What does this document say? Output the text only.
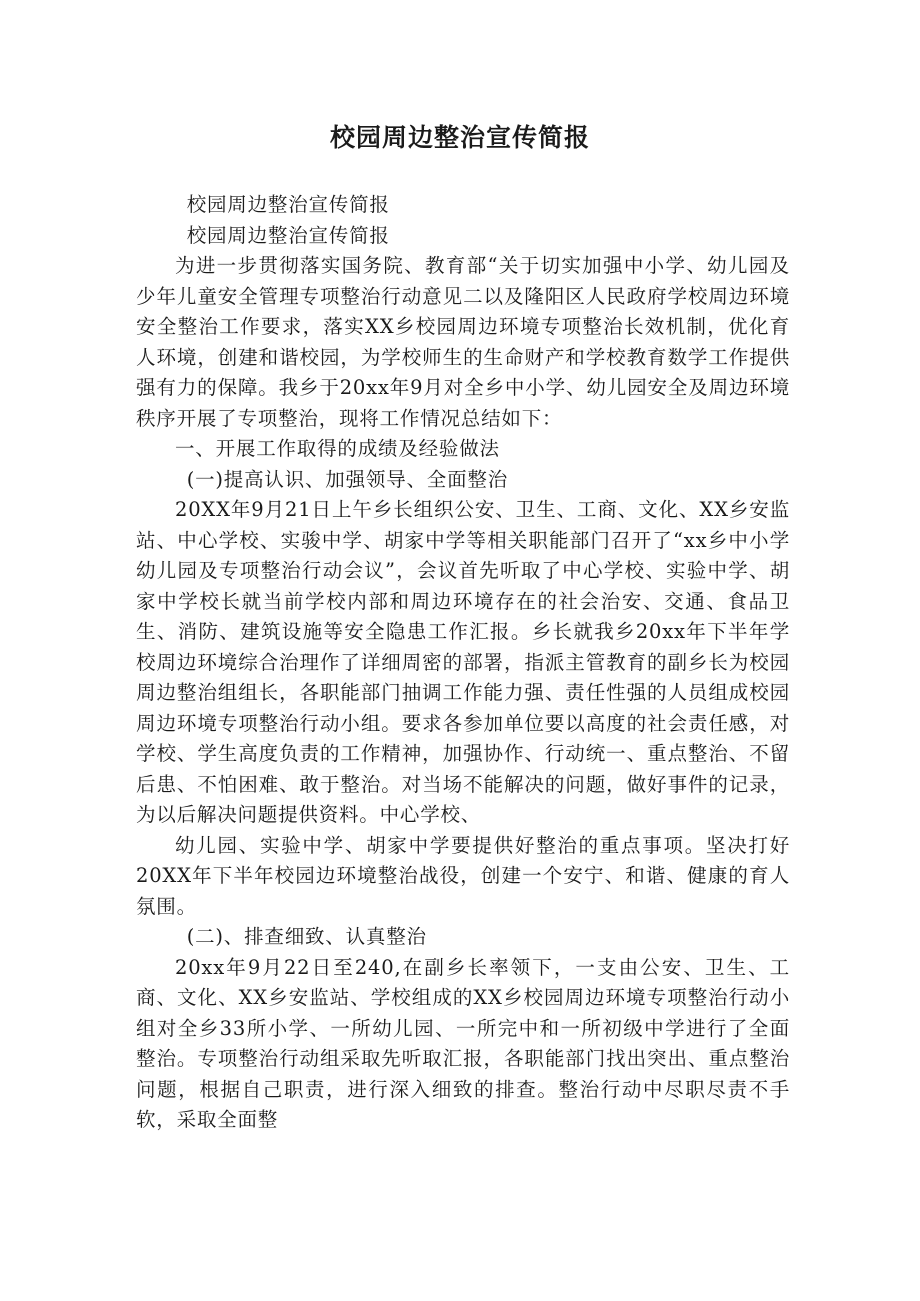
校园周边整治宣传简报

校园周边整治宣传简报

校园周边整治宣传简报

为进一步贯彻落实国务院、教育部“关于切实加强中小学、幼儿园及少年儿童安全管理专项整治行动意见二以及隆阳区人民政府学校周边环境安全整治工作要求，落实XX乡校园周边环境专项整治长效机制，优化育人环境，创建和谐校园，为学校师生的生命财产和学校教育数学工作提供强有力的保障。我乡于20xx年9月对全乡中小学、幼儿园安全及周边环境秩序开展了专项整治，现将工作情况总结如下：

一、开展工作取得的成绩及经验做法

(一)提高认识、加强领导、全面整治

20XX年9月21日上午乡长组织公安、卫生、工商、文化、XX乡安监站、中心学校、实骏中学、胡家中学等相关职能部门召开了“xx乡中小学幼儿园及专项整治行动会议”，会议首先听取了中心学校、实验中学、胡家中学校长就当前学校内部和周边环境存在的社会治安、交通、食品卫生、消防、建筑设施等安全隐患工作汇报。乡长就我乡20xx年下半年学校周边环境综合治理作了详细周密的部署，指派主管教育的副乡长为校园周边整治组组长，各职能部门抽调工作能力强、责任性强的人员组成校园周边环境专项整治行动小组。要求各参加单位要以高度的社会责任感，对学校、学生高度负责的工作精神，加强协作、行动统一、重点整治、不留后患、不怕困难、敢于整治。对当场不能解决的问题，做好事件的记录，为以后解决问题提供资料。中心学校、

幼儿园、实验中学、胡家中学要提供好整治的重点事项。坚决打好20XX年下半年校园边环境整治战役，创建一个安宁、和谐、健康的育人氛围。

(二)、排查细致、认真整治

20xx年9月22日至240,在副乡长率领下，一支由公安、卫生、工商、文化、XX乡安监站、学校组成的XX乡校园周边环境专项整治行动小组对全乡33所小学、一所幼儿园、一所完中和一所初级中学进行了全面整治。专项整治行动组采取先听取汇报，各职能部门找出突出、重点整治问题，根据自己职责，进行深入细致的排查。整治行动中尽职尽责不手软，采取全面整
